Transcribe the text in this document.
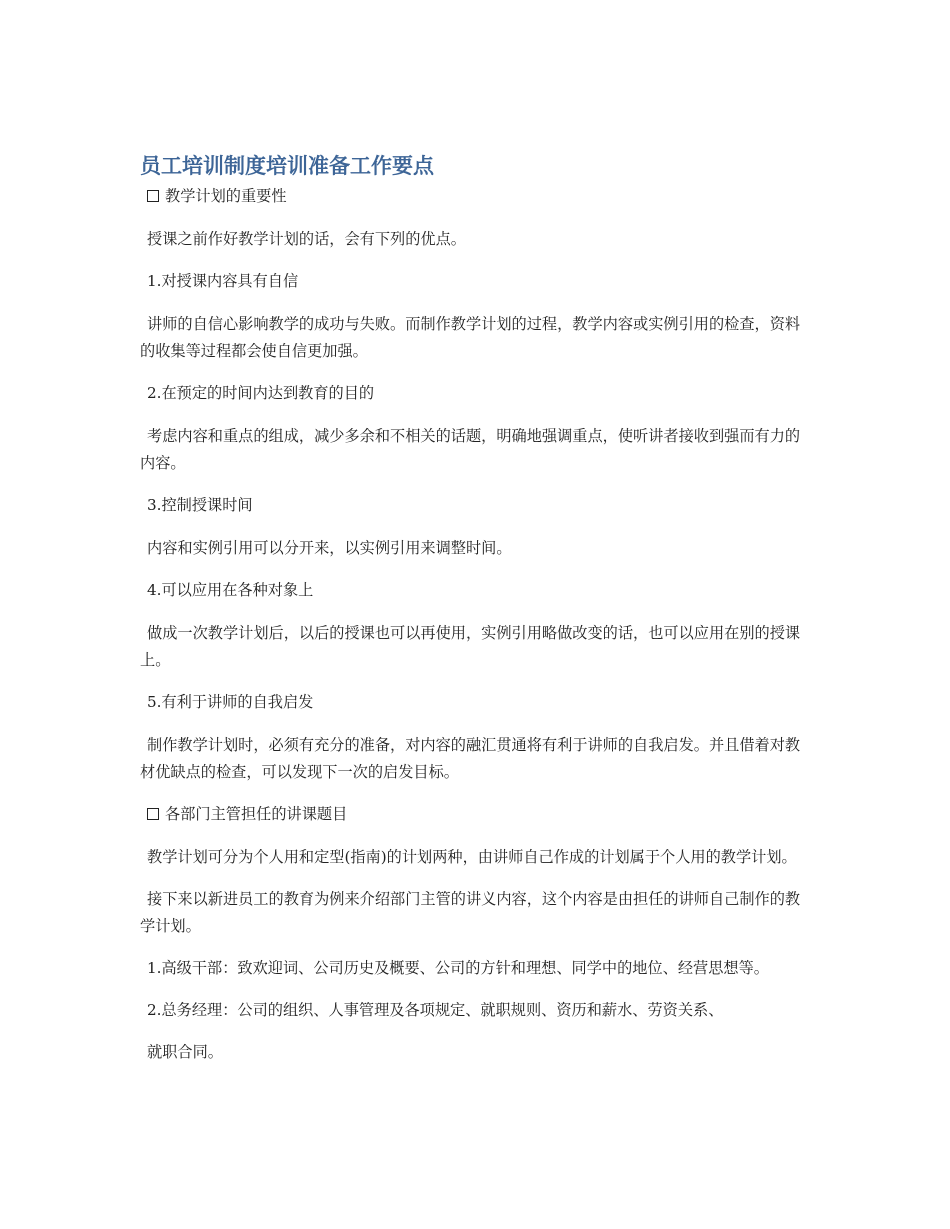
员工培训制度培训准备工作要点
教学计划的重要性
授课之前作好教学计划的话，会有下列的优点。
1.对授课内容具有自信
讲师的自信心影响教学的成功与失败。而制作教学计划的过程，教学内容或实例引用的检查，资料的收集等过程都会使自信更加强。
2.在预定的时间内达到教育的目的
考虑内容和重点的组成，减少多余和不相关的话题，明确地强调重点，使听讲者接收到强而有力的内容。
3.控制授课时间
内容和实例引用可以分开来，以实例引用来调整时间。
4.可以应用在各种对象上
做成一次教学计划后，以后的授课也可以再使用，实例引用略做改变的话，也可以应用在别的授课上。
5.有利于讲师的自我启发
制作教学计划时，必须有充分的准备，对内容的融汇贯通将有利于讲师的自我启发。并且借着对教材优缺点的检查，可以发现下一次的启发目标。
各部门主管担任的讲课题目
教学计划可分为个人用和定型(指南)的计划两种，由讲师自己作成的计划属于个人用的教学计划。
接下来以新进员工的教育为例来介绍部门主管的讲义内容，这个内容是由担任的讲师自己制作的教学计划。
1.高级干部：致欢迎词、公司历史及概要、公司的方针和理想、同学中的地位、经营思想等。
2.总务经理：公司的组织、人事管理及各项规定、就职规则、资历和薪水、劳资关系、
就职合同。
